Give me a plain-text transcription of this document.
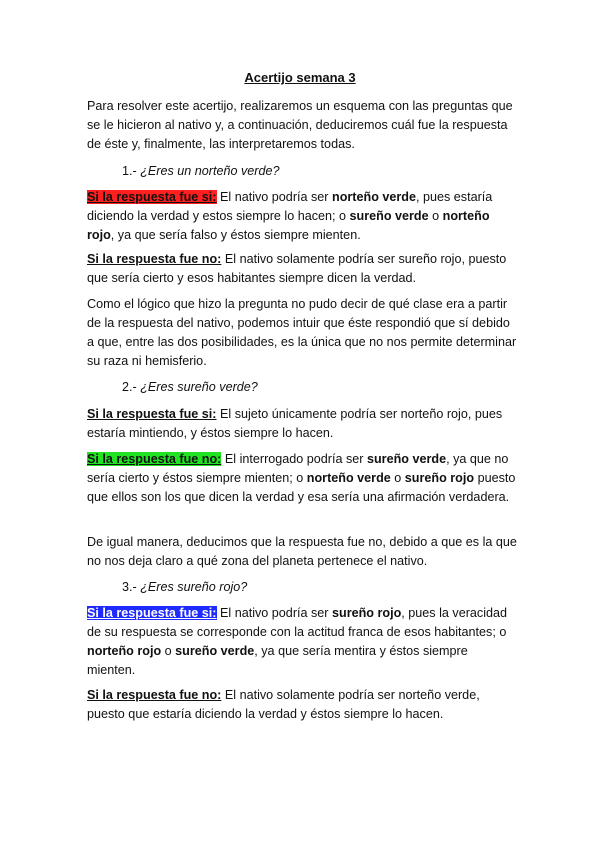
Acertijo semana 3

Para resolver este acertijo, realizaremos un esquema con las preguntas que se le hicieron al nativo y, a continuación, deduciremos cuál fue la respuesta de éste y, finalmente, las interpretaremos todas.

1.- ¿Eres un norteño verde?

Si la respuesta fue si: El nativo podría ser norteño verde, pues estaría diciendo la verdad y estos siempre lo hacen; o sureño verde o norteño rojo, ya que sería falso y éstos siempre mienten.

Si la respuesta fue no: El nativo solamente podría ser sureño rojo, puesto que sería cierto y esos habitantes siempre dicen la verdad.

Como el lógico que hizo la pregunta no pudo decir de qué clase era a partir de la respuesta del nativo, podemos intuir que éste respondió que sí debido a que, entre las dos posibilidades, es la única que no nos permite determinar su raza ni hemisferio.

2.- ¿Eres sureño verde?

Si la respuesta fue si: El sujeto únicamente podría ser norteño rojo, pues estaría mintiendo, y éstos siempre lo hacen.

Si la respuesta fue no: El interrogado podría ser sureño verde, ya que no sería cierto y éstos siempre mienten; o norteño verde o sureño rojo puesto que ellos son los que dicen la verdad y esa sería una afirmación verdadera.

De igual manera, deducimos que la respuesta fue no, debido a que es la que no nos deja claro a qué zona del planeta pertenece el nativo.

3.- ¿Eres sureño rojo?

Si la respuesta fue si: El nativo podría ser sureño rojo, pues la veracidad de su respuesta se corresponde con la actitud franca de esos habitantes; o norteño rojo o sureño verde, ya que sería mentira y éstos siempre mienten.

Si la respuesta fue no: El nativo solamente podría ser norteño verde, puesto que estaría diciendo la verdad y éstos siempre lo hacen.
